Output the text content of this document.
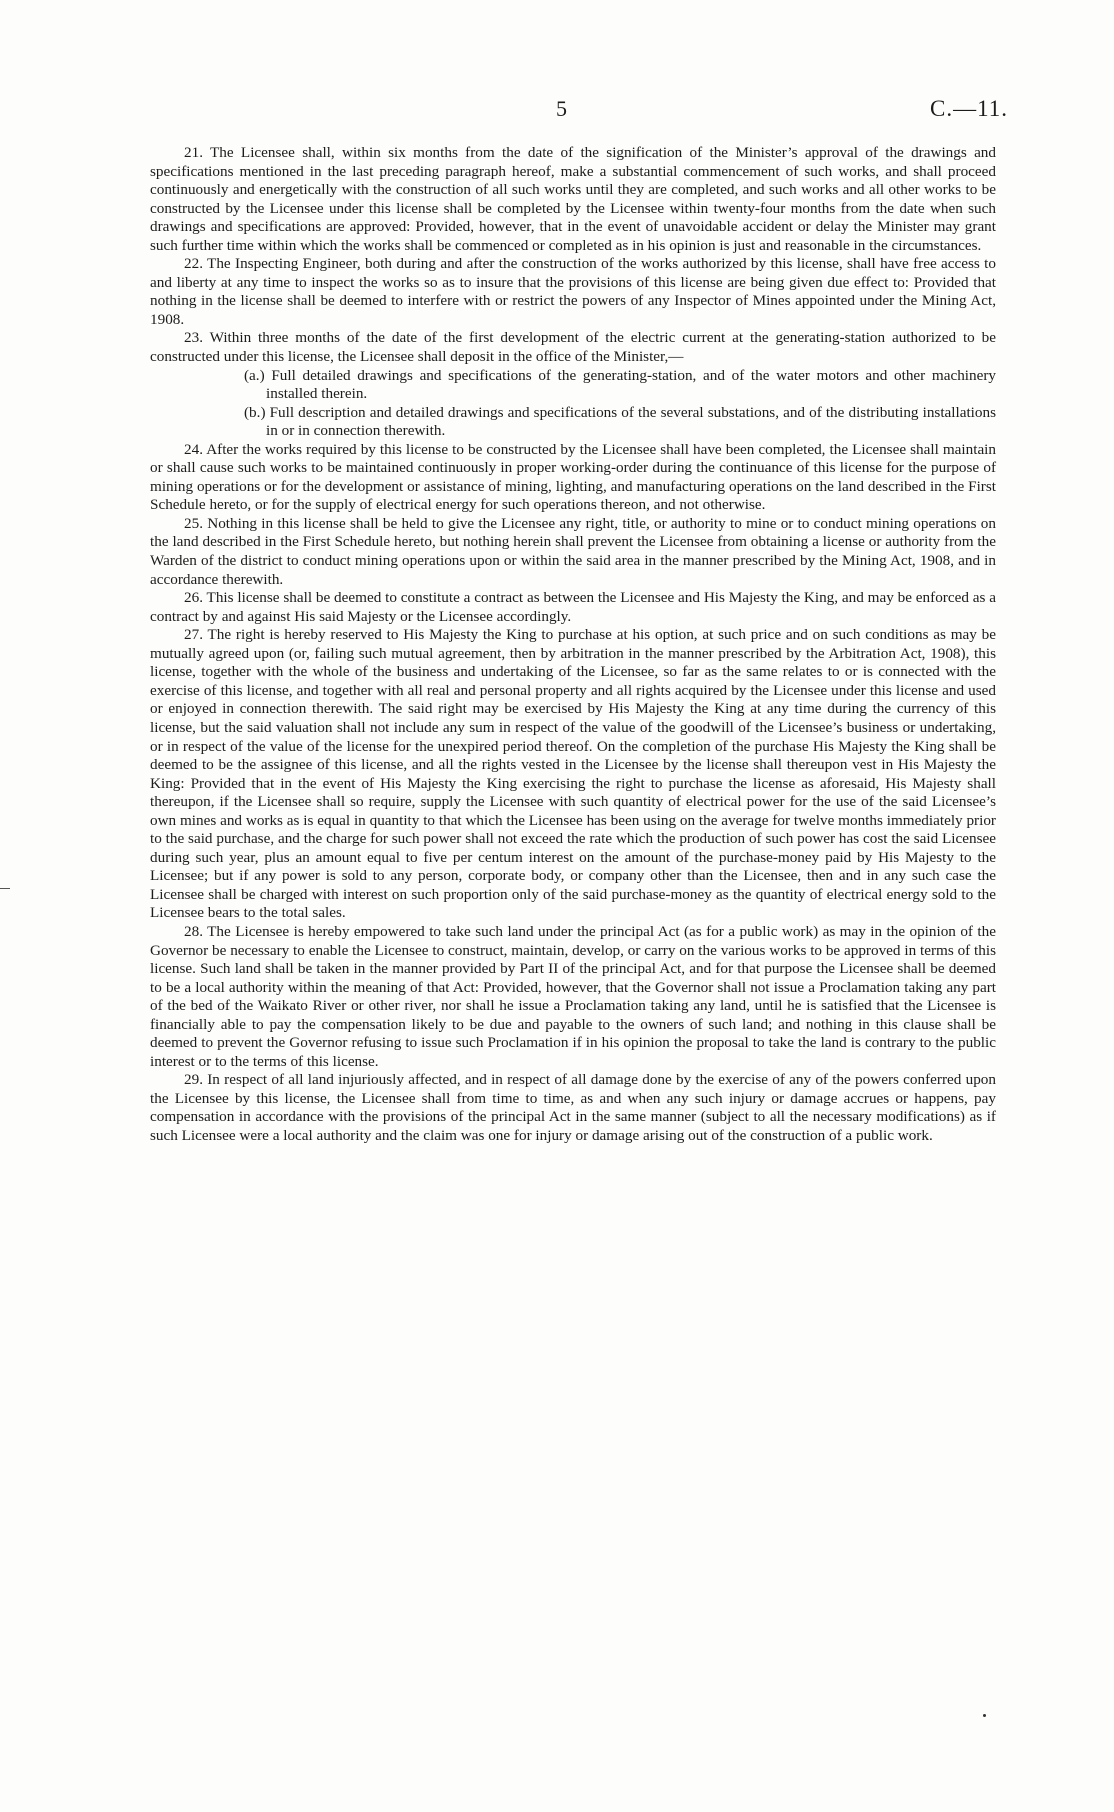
5	C.—11.

21. The Licensee shall, within six months from the date of the signification of the Minister’s approval of the drawings and specifications mentioned in the last preceding paragraph hereof, make a substantial commencement of such works, and shall proceed continuously and energetically with the construction of all such works until they are completed, and such works and all other works to be constructed by the Licensee under this license shall be completed by the Licensee within twenty-four months from the date when such drawings and specifications are approved: Provided, however, that in the event of unavoidable accident or delay the Minister may grant such further time within which the works shall be commenced or completed as in his opinion is just and reasonable in the circumstances.

22. The Inspecting Engineer, both during and after the construction of the works authorized by this license, shall have free access to and liberty at any time to inspect the works so as to insure that the provisions of this license are being given due effect to: Provided that nothing in the license shall be deemed to interfere with or restrict the powers of any Inspector of Mines appointed under the Mining Act, 1908.

23. Within three months of the date of the first development of the electric current at the generating-station authorized to be constructed under this license, the Licensee shall deposit in the office of the Minister,—

(a.) Full detailed drawings and specifications of the generating-station, and of the water motors and other machinery installed therein.

(b.) Full description and detailed drawings and specifications of the several substations, and of the distributing installations in or in connection therewith.

24. After the works required by this license to be constructed by the Licensee shall have been completed, the Licensee shall maintain or shall cause such works to be maintained continuously in proper working-order during the continuance of this license for the purpose of mining operations or for the development or assistance of mining, lighting, and manufacturing operations on the land described in the First Schedule hereto, or for the supply of electrical energy for such operations thereon, and not otherwise.

25. Nothing in this license shall be held to give the Licensee any right, title, or authority to mine or to conduct mining operations on the land described in the First Schedule hereto, but nothing herein shall prevent the Licensee from obtaining a license or authority from the Warden of the district to conduct mining operations upon or within the said area in the manner prescribed by the Mining Act, 1908, and in accordance therewith.

26. This license shall be deemed to constitute a contract as between the Licensee and His Majesty the King, and may be enforced as a contract by and against His said Majesty or the Licensee accordingly.

27. The right is hereby reserved to His Majesty the King to purchase at his option, at such price and on such conditions as may be mutually agreed upon (or, failing such mutual agreement, then by arbitration in the manner prescribed by the Arbitration Act, 1908), this license, together with the whole of the business and undertaking of the Licensee, so far as the same relates to or is connected with the exercise of this license, and together with all real and personal property and all rights acquired by the Licensee under this license and used or enjoyed in connection therewith. The said right may be exercised by His Majesty the King at any time during the currency of this license, but the said valuation shall not include any sum in respect of the value of the goodwill of the Licensee’s business or undertaking, or in respect of the value of the license for the unexpired period thereof. On the completion of the purchase His Majesty the King shall be deemed to be the assignee of this license, and all the rights vested in the Licensee by the license shall thereupon vest in His Majesty the King: Provided that in the event of His Majesty the King exercising the right to purchase the license as aforesaid, His Majesty shall thereupon, if the Licensee shall so require, supply the Licensee with such quantity of electrical power for the use of the said Licensee’s own mines and works as is equal in quantity to that which the Licensee has been using on the average for twelve months immediately prior to the said purchase, and the charge for such power shall not exceed the rate which the production of such power has cost the said Licensee during such year, plus an amount equal to five per centum interest on the amount of the purchase-money paid by His Majesty to the Licensee; but if any power is sold to any person, corporate body, or company other than the Licensee, then and in any such case the Licensee shall be charged with interest on such proportion only of the said purchase-money as the quantity of electrical energy sold to the Licensee bears to the total sales.

28. The Licensee is hereby empowered to take such land under the principal Act (as for a public work) as may in the opinion of the Governor be necessary to enable the Licensee to construct, maintain, develop, or carry on the various works to be approved in terms of this license. Such land shall be taken in the manner provided by Part II of the principal Act, and for that purpose the Licensee shall be deemed to be a local authority within the meaning of that Act: Provided, however, that the Governor shall not issue a Proclamation taking any part of the bed of the Waikato River or other river, nor shall he issue a Proclamation taking any land, until he is satisfied that the Licensee is financially able to pay the compensation likely to be due and payable to the owners of such land; and nothing in this clause shall be deemed to prevent the Governor refusing to issue such Proclamation if in his opinion the proposal to take the land is contrary to the public interest or to the terms of this license.

29. In respect of all land injuriously affected, and in respect of all damage done by the exercise of any of the powers conferred upon the Licensee by this license, the Licensee shall from time to time, as and when any such injury or damage accrues or happens, pay compensation in accordance with the provisions of the principal Act in the same manner (subject to all the necessary modifications) as if such Licensee were a local authority and the claim was one for injury or damage arising out of the construction of a public work.
